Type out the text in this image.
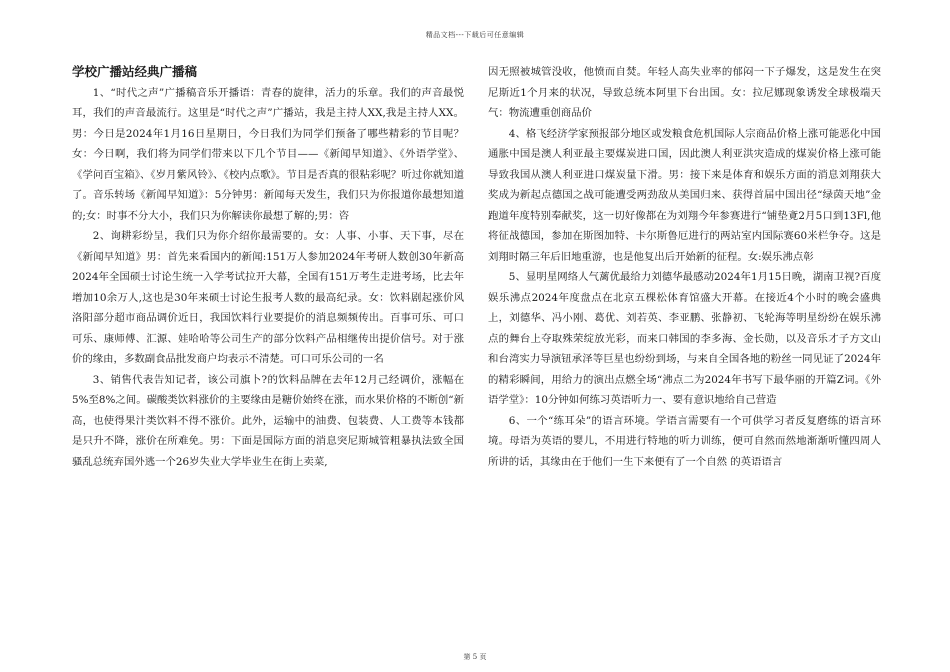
精品文档---下载后可任意编辑
学校广播站经典广播稿

1、“时代之声”广播稿音乐开播语：青春的旋律，活力的乐章。我们的声音最悦耳，我们的声音最流行。这里是“时代之声”广播站，我是主持人XX,我是主持人XX。男：今日是2024年1月16日星期日，今日我们为同学们预备了哪些精彩的节目呢？女：今日啊，我们将为同学们带来以下几个节目——《新闻早知道》、《外语学堂》、《学问百宝箱》、《岁月紫风铃》、《校内点歌》。节目是否真的很粘彩呢？听过你就知道了。音乐转场《新闻早知道》：5分钟男：新闻每天发生，我们只为你报道你最想知道的;女：时事不分大小，我们只为你解读你最想了解的;男：咨

2、询耕彩纷呈，我们只为你介绍你最需要的。女：人事、小事、天下事，尽在《新闻早知道》男：首先来看国内的新闻:151万人参加2024年考研人数创30年新高2024年全国硕士讨论生统一入学考试拉开大幕，全国有151万考生走进考场，比去年增加10余万人,这也是30年来硕士讨论生报考人数的最高纪录。女：饮料剧起涨价风洛阳部分超市商品调价近日，我国饮料行业要提价的消息频频传出。百事可乐、可口可乐、康师傅、汇源、娃哈哈等公司生产的部分饮料产品相继传出提价信号。对于涨价的缘由，多数副食品批发商户均表示不清楚。可口可乐公司的一名

3、销售代表告知记者，该公司旗卜?的饮料品牌在去年12月己经调价，涨幅在5%至8%之间。碳酸类饮料涨价的主要缘由是糖价始终在涨，而水果价格的不断创“新高，也使得果汁类饮料不得不涨价。此外，运输中的油费、包装费、人工费等本钱都是只升不降，涨价在所难免。男：下面是国际方面的消息突尼斯城管粗暴执法致全国骚乱总统弃国外逃一个26岁失业大学毕业生在街上卖菜,

因无照被城管没收，他愤而自焚。年轻人高失业率的郁闷一下子爆发，这是发生在突尼斯近1个月来的状况，导致总统本阿里下台出国。女：拉尼娜现象诱发全球极端天气：物流遭重创商品价

4、格飞经济学家预报部分地区或发粮食危机国际人宗商品价格上涨可能恶化中国通胀中国是澳人利亚最主要煤炭进口国，因此澳人利亚洪灾造成的煤炭价格上涨可能导致我国从澳人利亚进口煤炭量下滑。男：接下来是体育和娱乐方面的消息刘翔获大奖成为新起点德国之战可能遭受两劲敌从美国归来、获得首届中国出径“绿茵天地”金跑道年度特别奉献奖，这一切好像都在为刘翔今年参赛进行“铺垫斍2月5口到13Fl,他将征战德国，参加在斯图加特、卡尔斯鲁厄进行的两站室内国际赛60米栏争夺。这是刘翔时隔三年后旧地重游，也是他复出后开始新的征程。女:娱乐沸点彰

5、显明星网络人气蓠优最给力刘德华最感动2024年1月15日晚，湖南卫视?百度娱乐沸点2024年度盘点在北京五棵松体育馆盛大开幕。在接近4个小时的晚会盛典上，刘德华、冯小刚、葛优、刘若英、李亚鹏、张静初、飞轮海等明星纷纷在娱乐沸点的舞台上夺取殊荣绽放光彩，而来口韩国的李多海、金长勋，以及音乐才子方文山和台湾实力导演钮承泽等巨星也纷纷到场，与来自全国各地的粉丝一同见证了2024年的精彩瞬间，用给力的演出点燃全场“沸点二为2024年书写下最华丽的开篇Z词。《外语学堂》：10分钟如何练习英语听力一、要有意识地给自己营造

6、一个“练耳朵”的语言环境。学语言需要有一个可供学习者反复磨练的语言环境。母语为英语的婴儿，不用进行特地的听力训练，便可自然而然地渐渐听懂四周人所讲的话，其缘由在于他们一生下来便有了一个自然 的英语语言

第 5 页
